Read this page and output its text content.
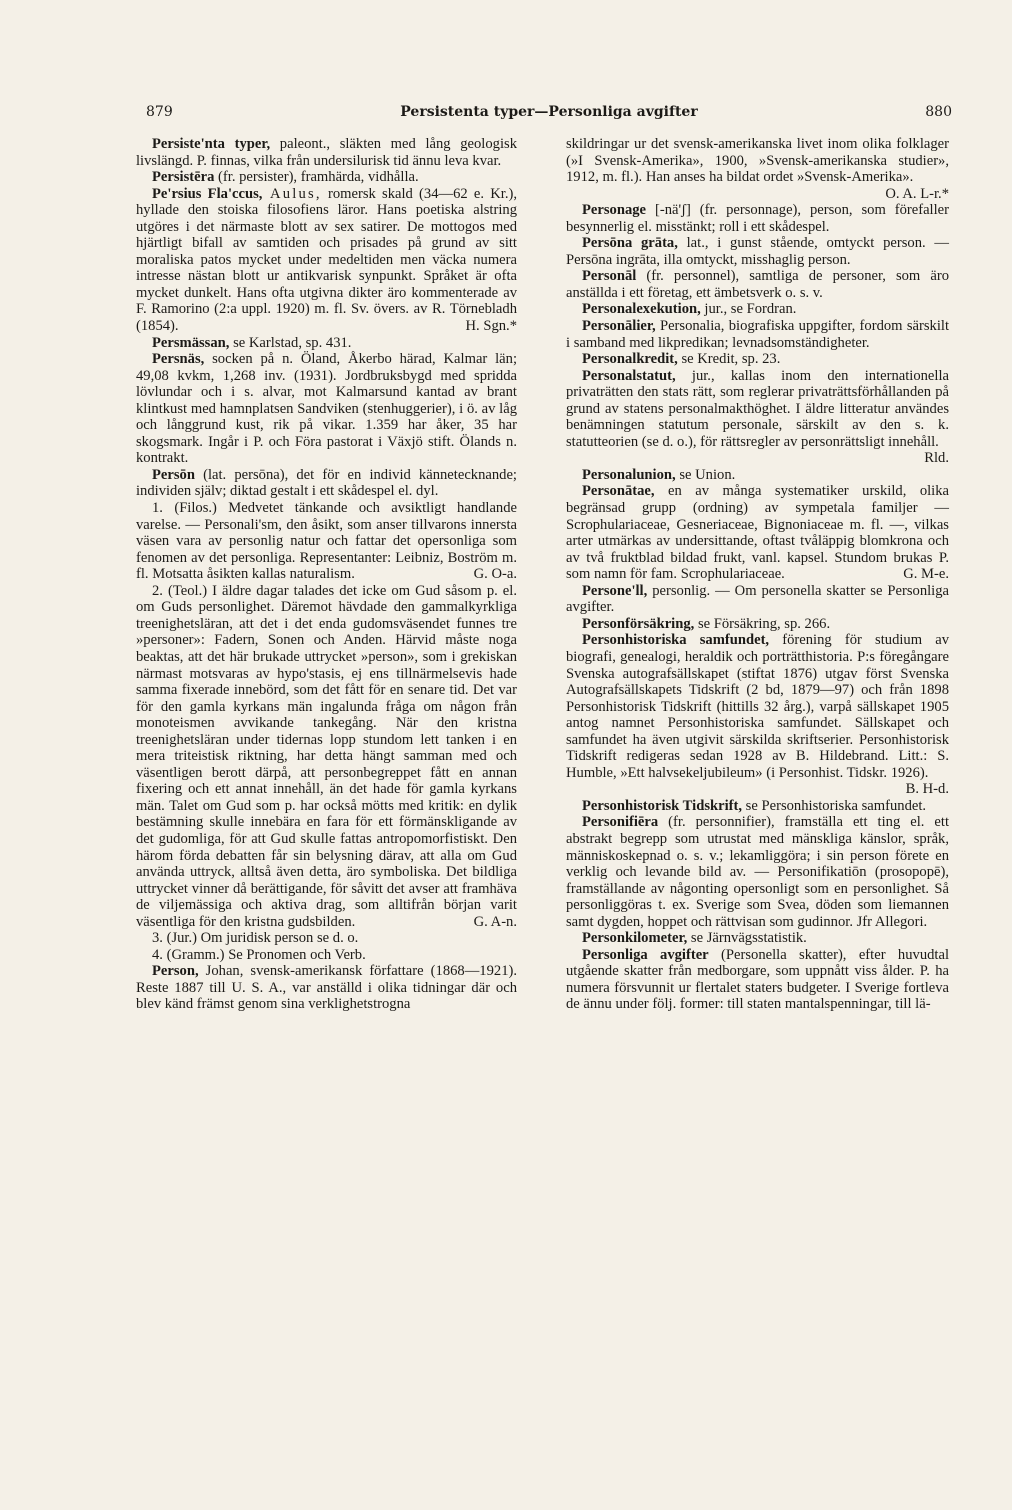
879	Persistenta typer—Personliga avgifter	880

Persiste'nta typer, paleont., släkten med lång geologisk livslängd. P. finnas, vilka från undersilurisk tid ännu leva kvar.

Persistēra (fr. persister), framhärda, vidhålla.

Pe'rsius Fla'ccus, Aulus, romersk skald (34—62 e. Kr.), hyllade den stoiska filosofiens läror. Hans poetiska alstring utgöres i det närmaste blott av sex satirer. De mottogos med hjärtligt bifall av samtiden och prisades på grund av sitt moraliska patos mycket under medeltiden men väcka numera intresse nästan blott ur antikvarisk synpunkt. Språket är ofta mycket dunkelt. Hans ofta utgivna dikter äro kommenterade av F. Ramorino (2:a uppl. 1920) m. fl. Sv. övers. av R. Törnebladh (1854).	H. Sgn.*

Persmässan, se Karlstad, sp. 431.

Persnäs, socken på n. Öland, Åkerbo härad, Kalmar län; 49,08 kvkm, 1,268 inv. (1931). Jordbruksbygd med spridda lövlundar och i s. alvar, mot Kalmarsund kantad av brant klintkust med hamnplatsen Sandviken (stenhuggerier), i ö. av låg och långgrund kust, rik på vikar. 1.359 har åker, 35 har skogsmark. Ingår i P. och Föra pastorat i Växjö stift. Ölands n. kontrakt.

Persōn (lat. persōna), det för en individ kännetecknande; individen själv; diktad gestalt i ett skådespel el. dyl.

1. (Filos.) Medvetet tänkande och avsiktligt handlande varelse. — Personali'sm, den åsikt, som anser tillvarons innersta väsen vara av personlig natur och fattar det opersonliga som fenomen av det personliga. Representanter: Leibniz, Boström m. fl. Motsatta åsikten kallas naturalism.	G. O-a.

2. (Teol.) I äldre dagar talades det icke om Gud såsom p. el. om Guds personlighet. Däremot hävdade den gammalkyrkliga treenighetsläran, att det i det enda gudomsväsendet funnes tre »personer»: Fadern, Sonen och Anden. Härvid måste noga beaktas, att det här brukade uttrycket »person», som i grekiskan närmast motsvaras av hypo'stasis, ej ens tillnärmelsevis hade samma fixerade innebörd, som det fått för en senare tid. Det var för den gamla kyrkans män ingalunda fråga om någon från monoteismen avvikande tankegång. När den kristna treenighetsläran under tidernas lopp stundom lett tanken i en mera triteistisk riktning, har detta hängt samman med och väsentligen berott därpå, att personbegreppet fått en annan fixering och ett annat innehåll, än det hade för gamla kyrkans män. Talet om Gud som p. har också mötts med kritik: en dylik bestämning skulle innebära en fara för ett förmänskligande av det gudomliga, för att Gud skulle fattas antropomorfistiskt. Den härom förda debatten får sin belysning därav, att alla om Gud använda uttryck, alltså även detta, äro symboliska. Det bildliga uttrycket vinner då berättigande, för såvitt det avser att framhäva de viljemässiga och aktiva drag, som alltifrån början varit väsentliga för den kristna gudsbilden.	G. A-n.

3. (Jur.) Om juridisk person se d. o.

4. (Gramm.) Se Pronomen och Verb.

Person, Johan, svensk-amerikansk författare (1868—1921). Reste 1887 till U. S. A., var anställd i olika tidningar där och blev känd främst genom sina verklighetstrogna

skildringar ur det svensk-amerikanska livet inom olika folklager (»I Svensk-Amerika», 1900, »Svensk-amerikanska studier», 1912, m. fl.). Han anses ha bildat ordet »Svensk-Amerika».
O. A. L-r.*

Personage [-nä'ʃ] (fr. personnage), person, som förefaller besynnerlig el. misstänkt; roll i ett skådespel.

Persōna grāta, lat., i gunst stående, omtyckt person. — Persōna ingrāta, illa omtyckt, misshaglig person.

Personāl (fr. personnel), samtliga de personer, som äro anställda i ett företag, ett ämbetsverk o. s. v.

Personalexekution, jur., se Fordran.

Personālier, Personalia, biografiska uppgifter, fordom särskilt i samband med likpredikan; levnadsomständigheter.

Personalkredit, se Kredit, sp. 23.

Personalstatut, jur., kallas inom den internationella privaträtten den stats rätt, som reglerar privaträttsförhållanden på grund av statens personalmakthöghet. I äldre litteratur användes benämningen statutum personale, särskilt av den s. k. statutteorien (se d. o.), för rättsregler av personrättsligt innehåll.
Rld.

Personalunion, se Union.

Personātae, en av många systematiker urskild, olika begränsad grupp (ordning) av sympetala familjer — Scrophulariaceae, Gesneriaceae, Bignoniaceae m. fl. —, vilkas arter utmärkas av undersittande, oftast tvåläppig blomkrona och av två fruktblad bildad frukt, vanl. kapsel. Stundom brukas P. som namn för fam. Scrophulariaceae.	G. M-e.

Persone'll, personlig. — Om personella skatter se Personliga avgifter.

Personförsäkring, se Försäkring, sp. 266.

Personhistoriska samfundet, förening för studium av biografi, genealogi, heraldik och porträtthistoria. P:s föregångare Svenska autografsällskapet (stiftat 1876) utgav först Svenska Autografsällskapets Tidskrift (2 bd, 1879—97) och från 1898 Personhistorisk Tidskrift (hittills 32 årg.), varpå sällskapet 1905 antog namnet Personhistoriska samfundet. Sällskapet och samfundet ha även utgivit särskilda skriftserier. Personhistorisk Tidskrift redigeras sedan 1928 av B. Hildebrand. Litt.: S. Humble, »Ett halvsekeljubileum» (i Personhist. Tidskr. 1926).
B. H-d.

Personhistorisk Tidskrift, se Personhistoriska samfundet.

Personifiēra (fr. personnifier), framställa ett ting el. ett abstrakt begrepp som utrustat med mänskliga känslor, språk, människoskepnad o. s. v.; lekamliggöra; i sin person förete en verklig och levande bild av. — Personifikatiōn (prosopopē), framställande av någonting opersonligt som en personlighet. Så personliggöras t. ex. Sverige som Svea, döden som liemannen samt dygden, hoppet och rättvisan som gudinnor. Jfr Allegori.

Personkilometer, se Järnvägsstatistik.

Personliga avgifter (Personella skatter), efter huvudtal utgående skatter från medborgare, som uppnått viss ålder. P. ha numera försvunnit ur flertalet staters budgeter. I Sverige fortleva de ännu under följ. former: till staten mantalspenningar, till lä-
